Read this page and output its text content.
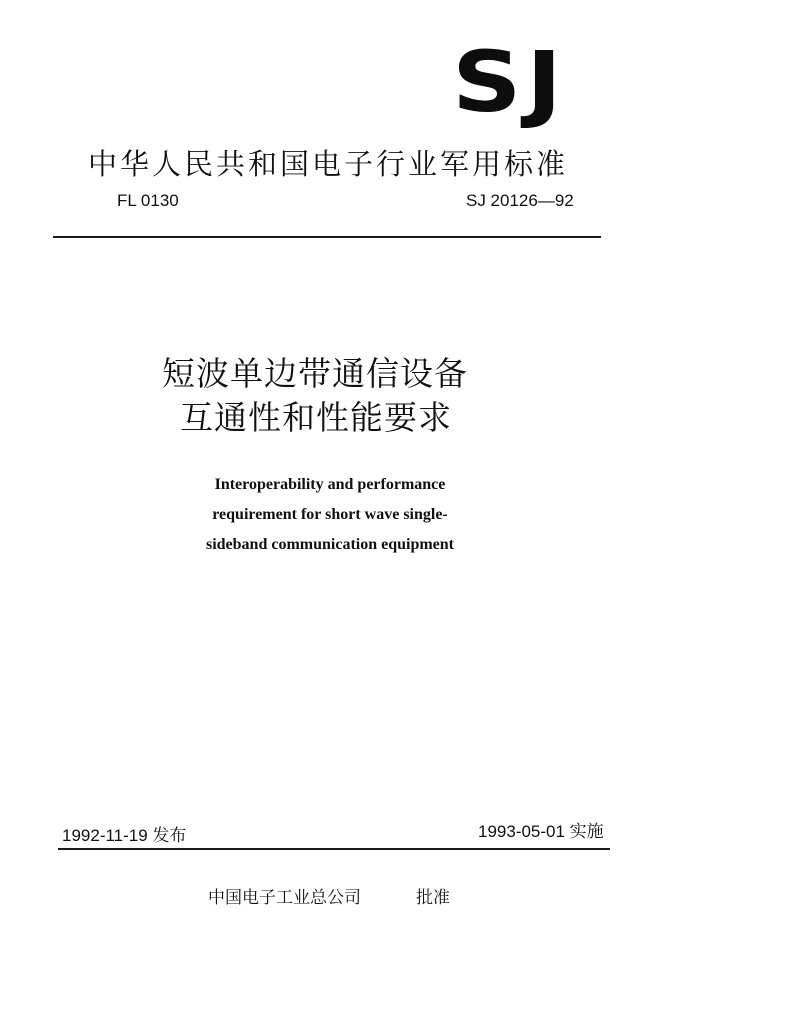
SJ
中华人民共和国电子行业军用标准
FL 0130	SJ 20126—92
短波单边带通信设备
互通性和性能要求
Interoperability and performance
requirement for short wave single-
sideband communication equipment
1992-11-19 发布	1993-05-01 实施
中国电子工业总公司	批准
